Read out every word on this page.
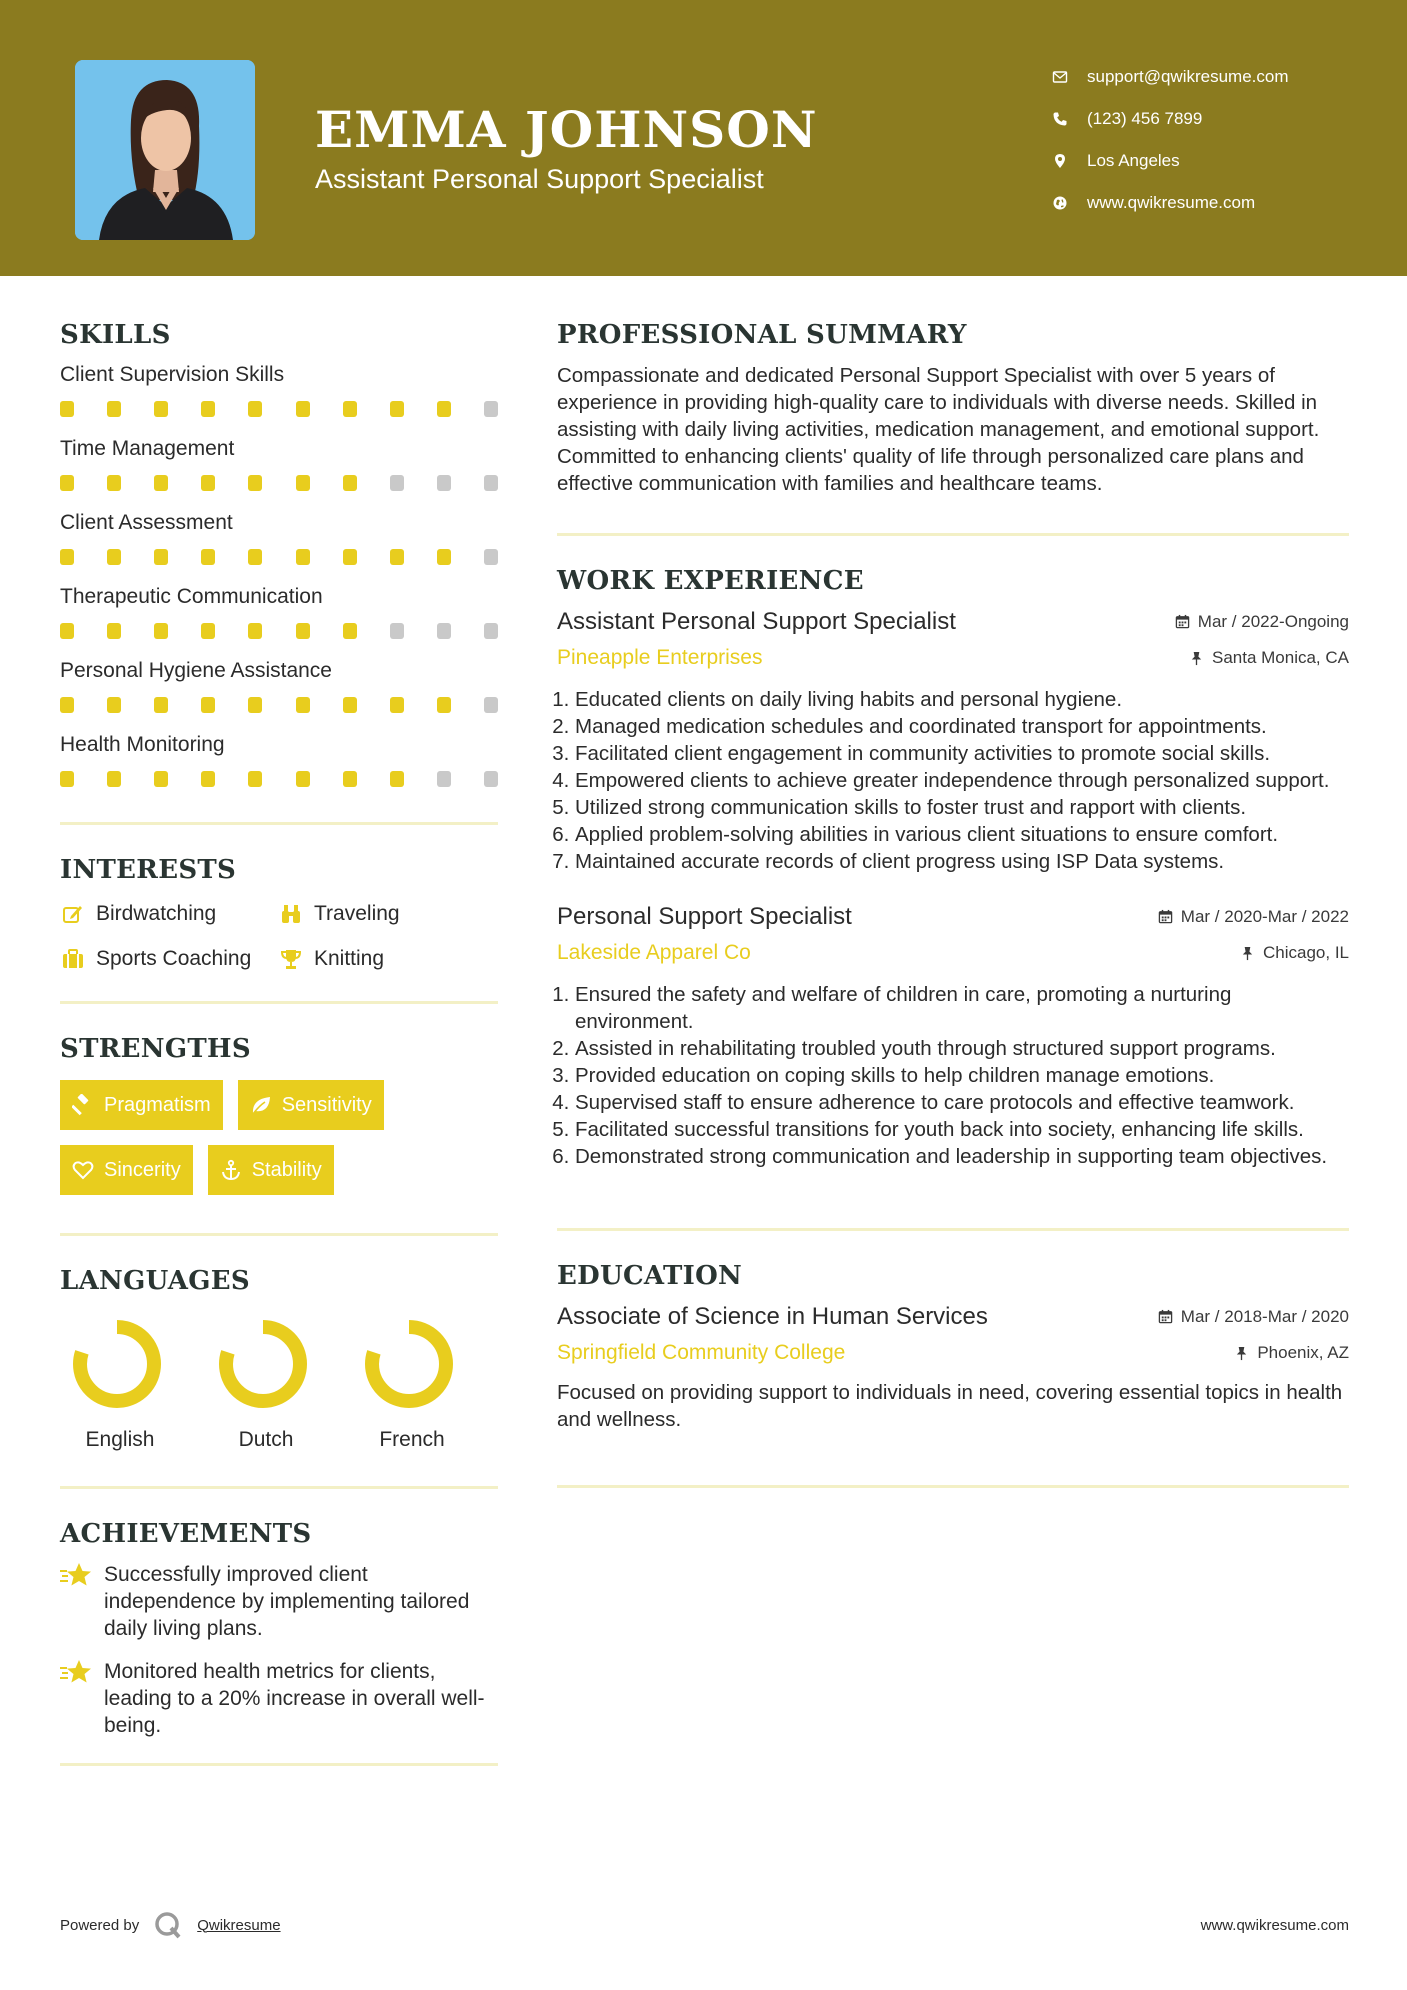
EMMA JOHNSON
Assistant Personal Support Specialist
support@qwikresume.com
(123) 456 7899
Los Angeles
www.qwikresume.com
SKILLS
Client Supervision Skills
Time Management
Client Assessment
Therapeutic Communication
Personal Hygiene Assistance
Health Monitoring
INTERESTS
Birdwatching	Traveling
Sports Coaching	Knitting
STRENGTHS
Pragmatism	Sensitivity
Sincerity	Stability
LANGUAGES
English	Dutch	French
ACHIEVEMENTS
Successfully improved client independence by implementing tailored daily living plans.
Monitored health metrics for clients, leading to a 20% increase in overall well-being.
PROFESSIONAL SUMMARY
Compassionate and dedicated Personal Support Specialist with over 5 years of experience in providing high-quality care to individuals with diverse needs. Skilled in assisting with daily living activities, medication management, and emotional support. Committed to enhancing clients' quality of life through personalized care plans and effective communication with families and healthcare teams.
WORK EXPERIENCE
Assistant Personal Support Specialist	Mar / 2022-Ongoing
Pineapple Enterprises	Santa Monica, CA
1. Educated clients on daily living habits and personal hygiene.
2. Managed medication schedules and coordinated transport for appointments.
3. Facilitated client engagement in community activities to promote social skills.
4. Empowered clients to achieve greater independence through personalized support.
5. Utilized strong communication skills to foster trust and rapport with clients.
6. Applied problem-solving abilities in various client situations to ensure comfort.
7. Maintained accurate records of client progress using ISP Data systems.
Personal Support Specialist	Mar / 2020-Mar / 2022
Lakeside Apparel Co	Chicago, IL
1. Ensured the safety and welfare of children in care, promoting a nurturing environment.
2. Assisted in rehabilitating troubled youth through structured support programs.
3. Provided education on coping skills to help children manage emotions.
4. Supervised staff to ensure adherence to care protocols and effective teamwork.
5. Facilitated successful transitions for youth back into society, enhancing life skills.
6. Demonstrated strong communication and leadership in supporting team objectives.
EDUCATION
Associate of Science in Human Services	Mar / 2018-Mar / 2020
Springfield Community College	Phoenix, AZ
Focused on providing support to individuals in need, covering essential topics in health and wellness.
Powered by	Qwikresume	www.qwikresume.com
